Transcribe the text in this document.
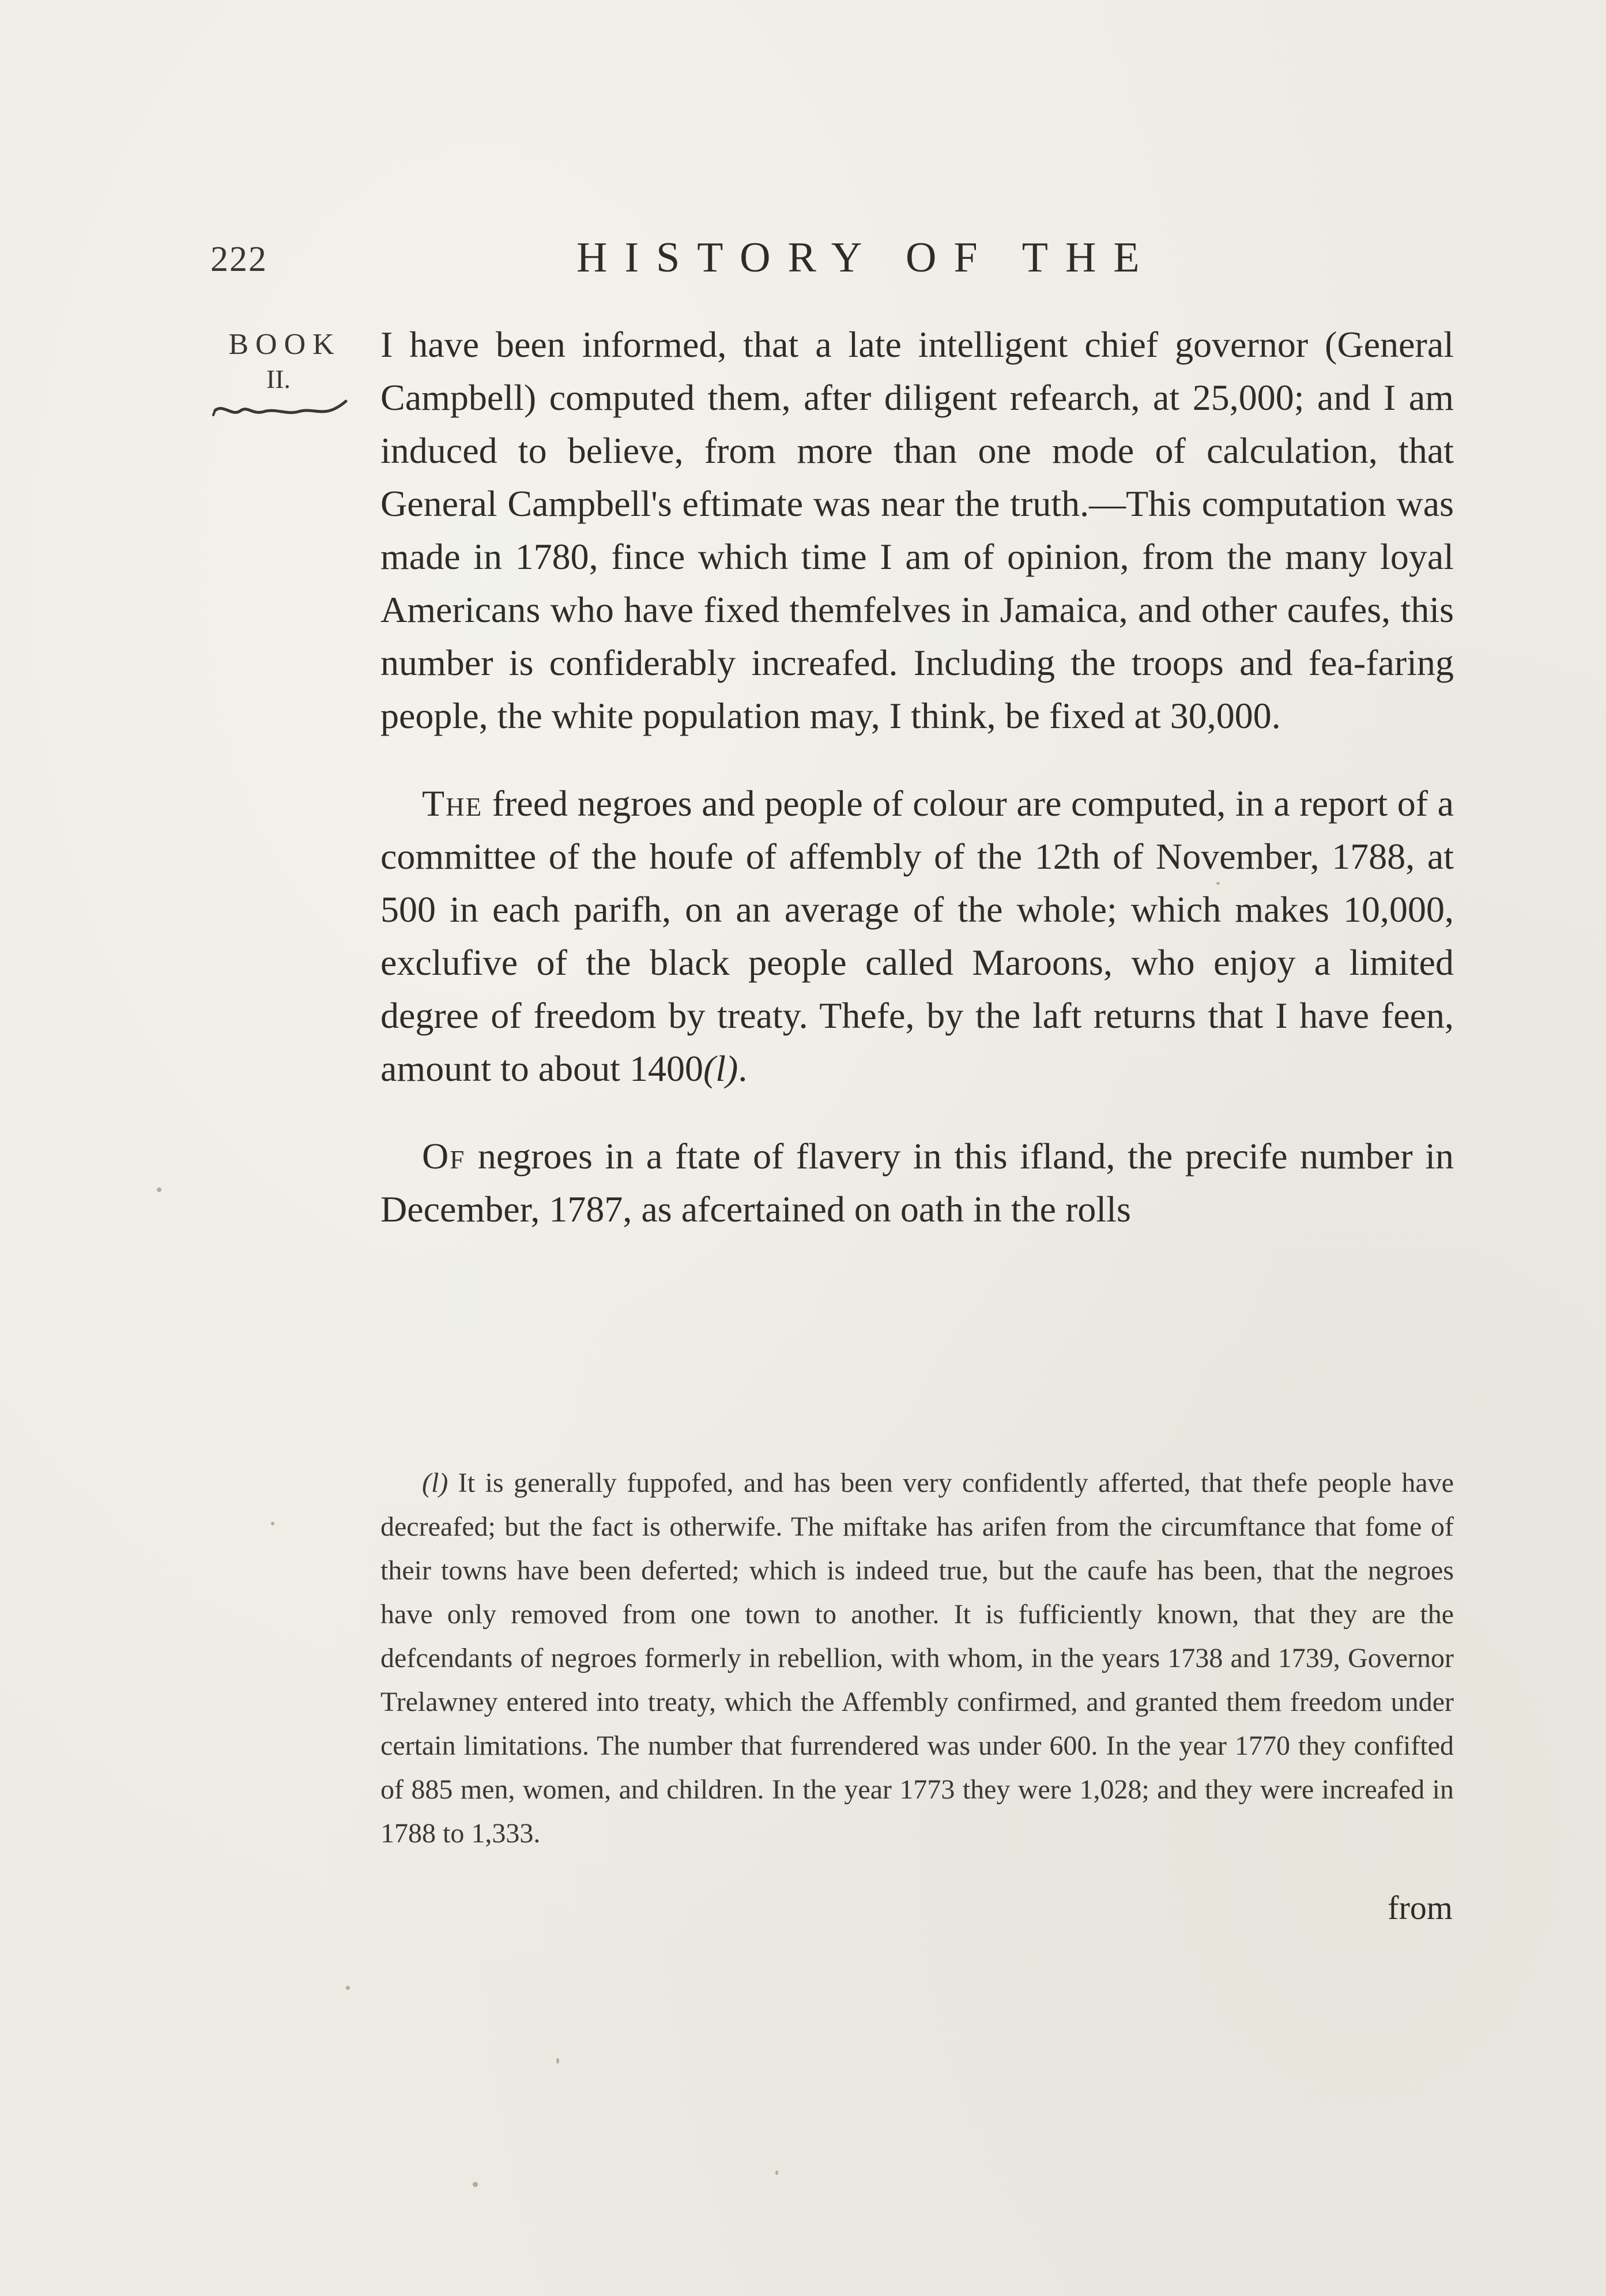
222	HISTORY OF THE
BOOK
II.

I have been informed, that a late intelligent chief governor (General Campbell) computed them, after diligent refearch, at 25,000; and I am induced to believe, from more than one mode of calculation, that General Campbell's eftimate was near the truth.—This computation was made in 1780, fince which time I am of opinion, from the many loyal Americans who have fixed themfelves in Jamaica, and other caufes, this number is confiderably increafed. Including the troops and fea-faring people, the white population may, I think, be fixed at 30,000.

The freed negroes and people of colour are computed, in a report of a committee of the houfe of affembly of the 12th of November, 1788, at 500 in each parifh, on an average of the whole; which makes 10,000, exclufive of the black people called Maroons, who enjoy a limited degree of freedom by treaty. Thefe, by the laft returns that I have feen, amount to about 1400(l).

Of negroes in a ftate of flavery in this ifland, the precife number in December, 1787, as afcertained on oath in the rolls

(l) It is generally fuppofed, and has been very confidently afferted, that thefe people have decreafed; but the fact is otherwife. The miftake has arifen from the circumftance that fome of their towns have been deferted; which is indeed true, but the caufe has been, that the negroes have only removed from one town to another. It is fufficiently known, that they are the defcendants of negroes formerly in rebellion, with whom, in the years 1738 and 1739, Governor Trelawney entered into treaty, which the Affembly confirmed, and granted them freedom under certain limitations. The number that furrendered was under 600. In the year 1770 they confifted of 885 men, women, and children. In the year 1773 they were 1,028; and they were increafed in 1788 to 1,333.

from
